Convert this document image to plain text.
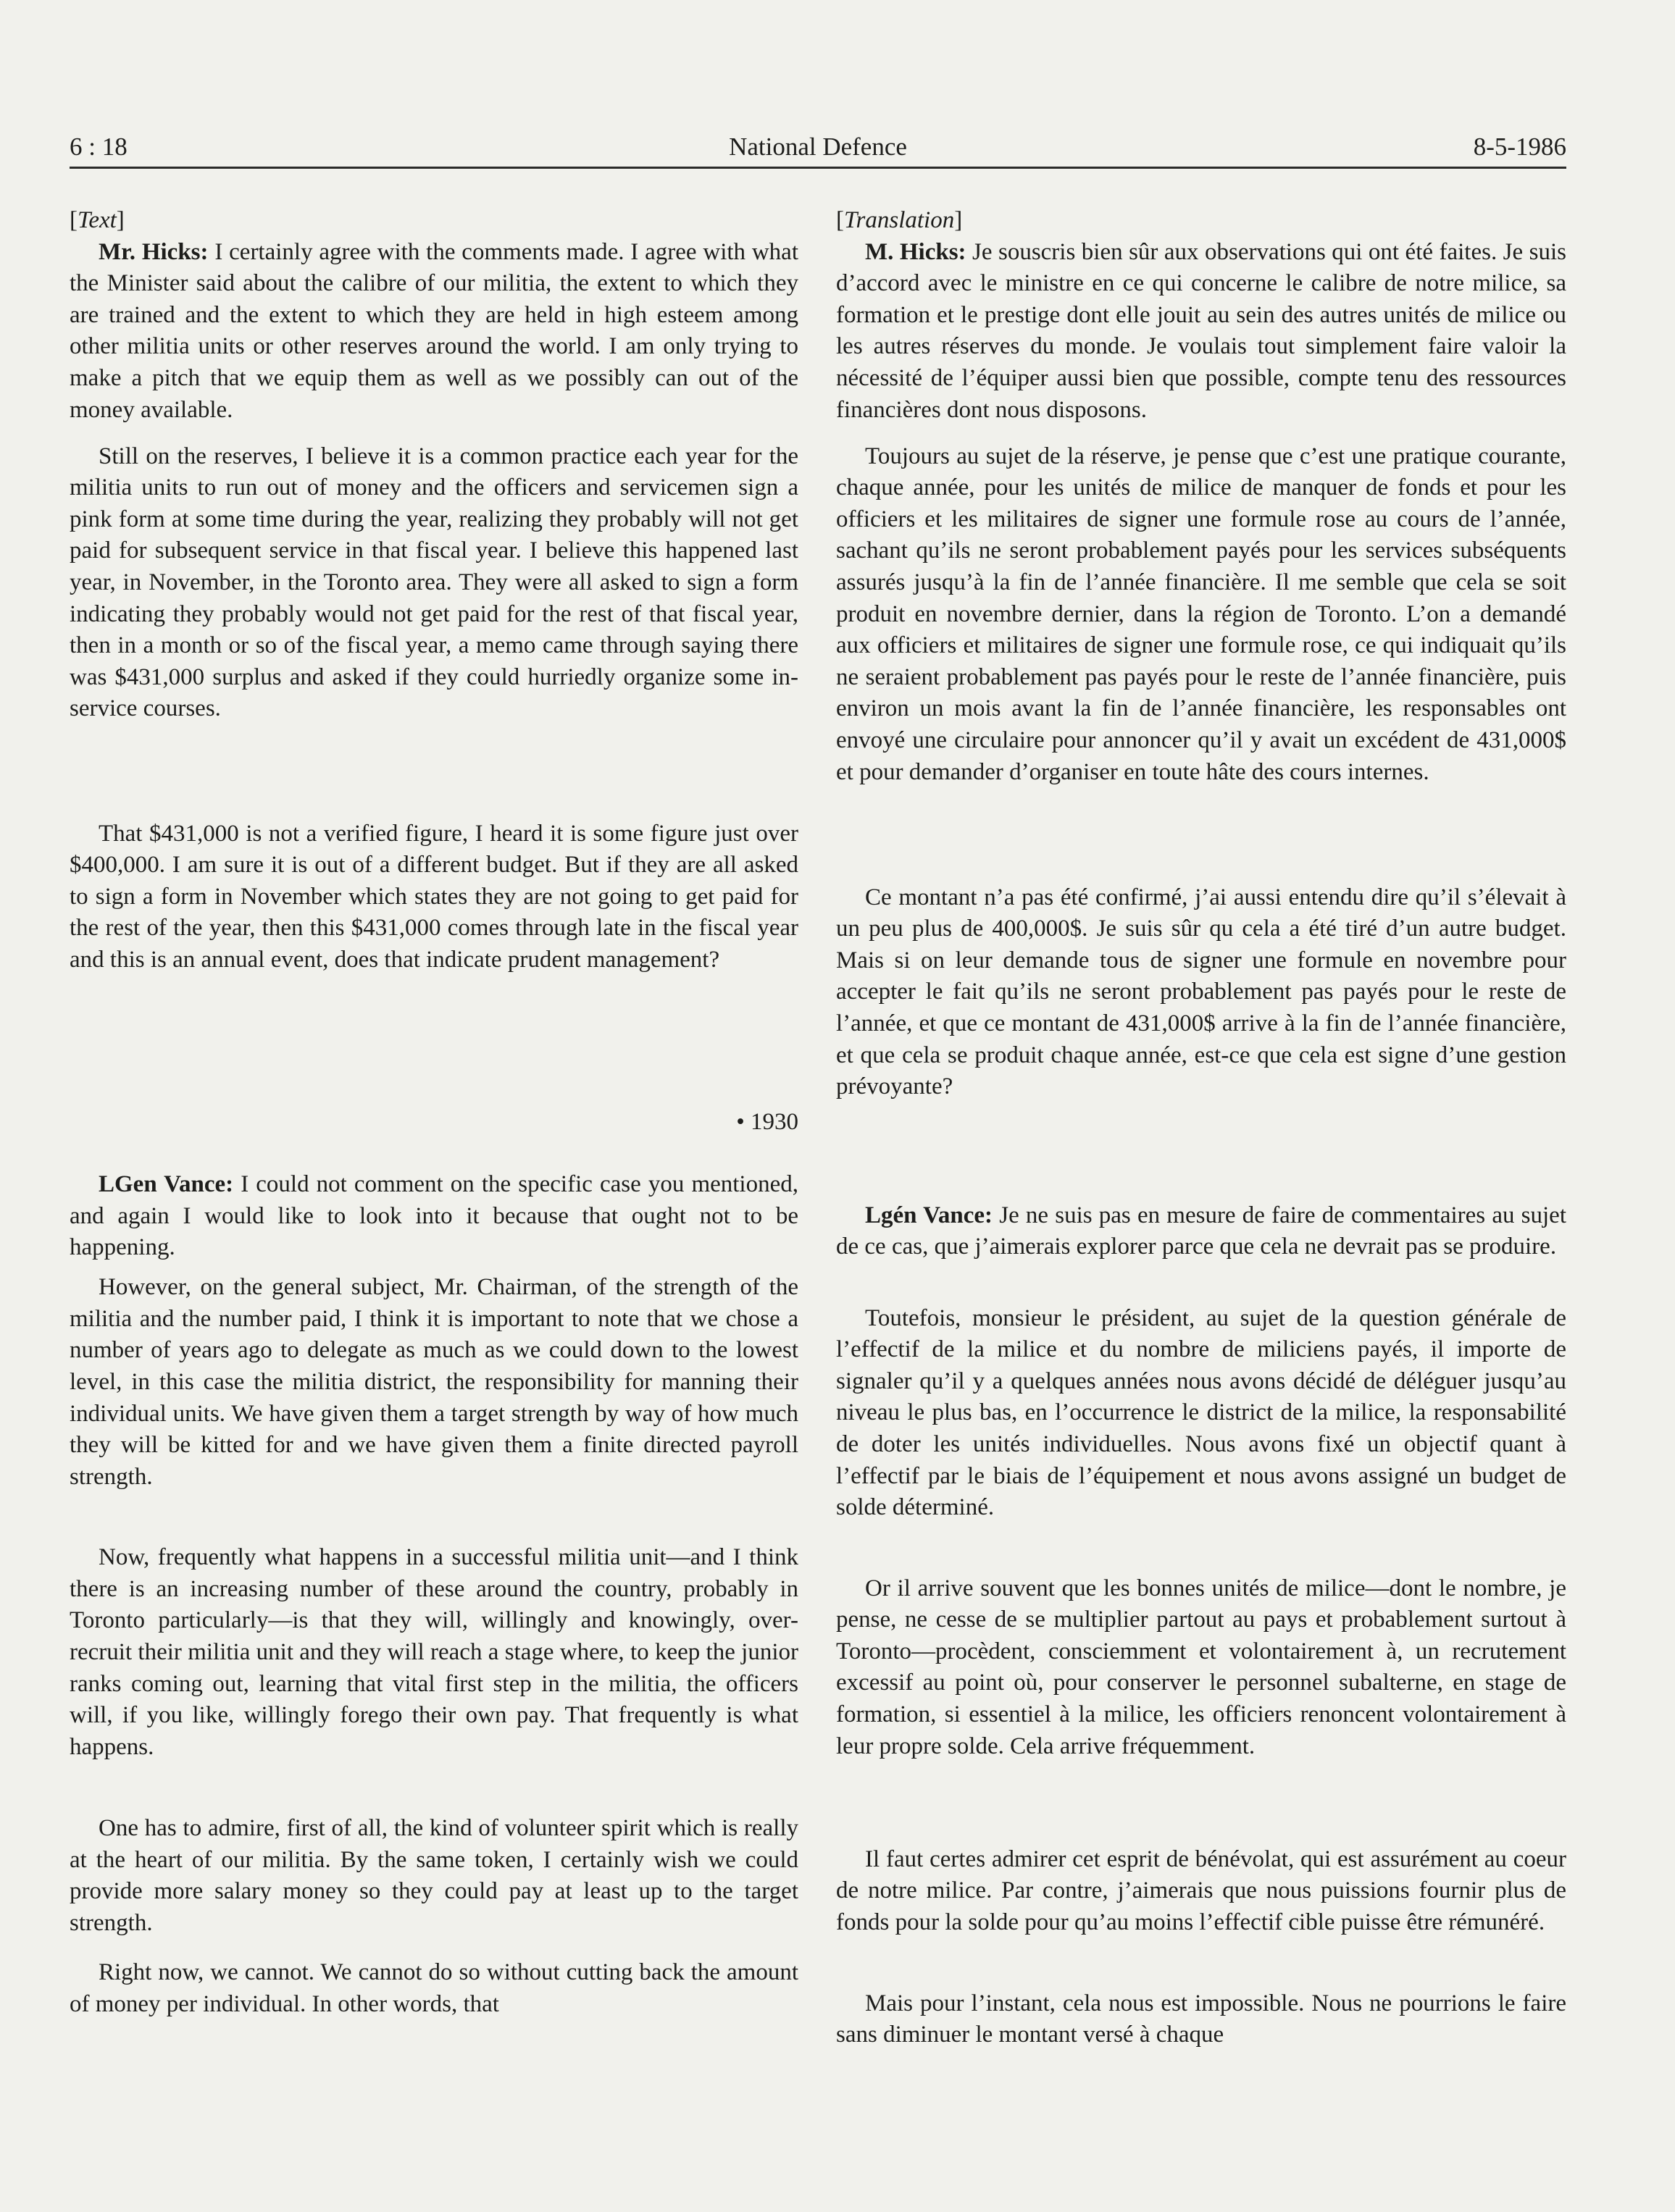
6 : 18	National Defence	8-5-1986

[Text]

Mr. Hicks: I certainly agree with the comments made. I agree with what the Minister said about the calibre of our militia, the extent to which they are trained and the extent to which they are held in high esteem among other militia units or other reserves around the world. I am only trying to make a pitch that we equip them as well as we possibly can out of the money available.

Still on the reserves, I believe it is a common practice each year for the militia units to run out of money and the officers and servicemen sign a pink form at some time during the year, realizing they probably will not get paid for subsequent service in that fiscal year. I believe this happened last year, in November, in the Toronto area. They were all asked to sign a form indicating they probably would not get paid for the rest of that fiscal year, then in a month or so of the fiscal year, a memo came through saying there was $431,000 surplus and asked if they could hurriedly organize some in-service courses.

That $431,000 is not a verified figure, I heard it is some figure just over $400,000. I am sure it is out of a different budget. But if they are all asked to sign a form in November which states they are not going to get paid for the rest of the year, then this $431,000 comes through late in the fiscal year and this is an annual event, does that indicate prudent management?

• 1930

LGen Vance: I could not comment on the specific case you mentioned, and again I would like to look into it because that ought not to be happening.

However, on the general subject, Mr. Chairman, of the strength of the militia and the number paid, I think it is important to note that we chose a number of years ago to delegate as much as we could down to the lowest level, in this case the militia district, the responsibility for manning their individual units. We have given them a target strength by way of how much they will be kitted for and we have given them a finite directed payroll strength.

Now, frequently what happens in a successful militia unit—and I think there is an increasing number of these around the country, probably in Toronto particularly—is that they will, willingly and knowingly, over-recruit their militia unit and they will reach a stage where, to keep the junior ranks coming out, learning that vital first step in the militia, the officers will, if you like, willingly forego their own pay. That frequently is what happens.

One has to admire, first of all, the kind of volunteer spirit which is really at the heart of our militia. By the same token, I certainly wish we could provide more salary money so they could pay at least up to the target strength.

Right now, we cannot. We cannot do so without cutting back the amount of money per individual. In other words, that

[Translation]

M. Hicks: Je souscris bien sûr aux observations qui ont été faites. Je suis d’accord avec le ministre en ce qui concerne le calibre de notre milice, sa formation et le prestige dont elle jouit au sein des autres unités de milice ou les autres réserves du monde. Je voulais tout simplement faire valoir la nécessité de l’équiper aussi bien que possible, compte tenu des ressources financières dont nous disposons.

Toujours au sujet de la réserve, je pense que c’est une pratique courante, chaque année, pour les unités de milice de manquer de fonds et pour les officiers et les militaires de signer une formule rose au cours de l’année, sachant qu’ils ne seront probablement payés pour les services subséquents assurés jusqu’à la fin de l’année financière. Il me semble que cela se soit produit en novembre dernier, dans la région de Toronto. L’on a demandé aux officiers et militaires de signer une formule rose, ce qui indiquait qu’ils ne seraient probablement pas payés pour le reste de l’année financière, puis environ un mois avant la fin de l’année financière, les responsables ont envoyé une circulaire pour annoncer qu’il y avait un excédent de 431,000$ et pour demander d’organiser en toute hâte des cours internes.

Ce montant n’a pas été confirmé, j’ai aussi entendu dire qu’il s’élevait à un peu plus de 400,000$. Je suis sûr qu cela a été tiré d’un autre budget. Mais si on leur demande tous de signer une formule en novembre pour accepter le fait qu’ils ne seront probablement pas payés pour le reste de l’année, et que ce montant de 431,000$ arrive à la fin de l’année financière, et que cela se produit chaque année, est-ce que cela est signe d’une gestion prévoyante?

Lgén Vance: Je ne suis pas en mesure de faire de commentaires au sujet de ce cas, que j’aimerais explorer parce que cela ne devrait pas se produire.

Toutefois, monsieur le président, au sujet de la question générale de l’effectif de la milice et du nombre de miliciens payés, il importe de signaler qu’il y a quelques années nous avons décidé de déléguer jusqu’au niveau le plus bas, en l’occurrence le district de la milice, la responsabilité de doter les unités individuelles. Nous avons fixé un objectif quant à l’effectif par le biais de l’équipement et nous avons assigné un budget de solde déterminé.

Or il arrive souvent que les bonnes unités de milice—dont le nombre, je pense, ne cesse de se multiplier partout au pays et probablement surtout à Toronto—procèdent, consciemment et volontairement à, un recrutement excessif au point où, pour conserver le personnel subalterne, en stage de formation, si essentiel à la milice, les officiers renoncent volontairement à leur propre solde. Cela arrive fréquemment.

Il faut certes admirer cet esprit de bénévolat, qui est assurément au coeur de notre milice. Par contre, j’aimerais que nous puissions fournir plus de fonds pour la solde pour qu’au moins l’effectif cible puisse être rémunéré.

Mais pour l’instant, cela nous est impossible. Nous ne pourrions le faire sans diminuer le montant versé à chaque
